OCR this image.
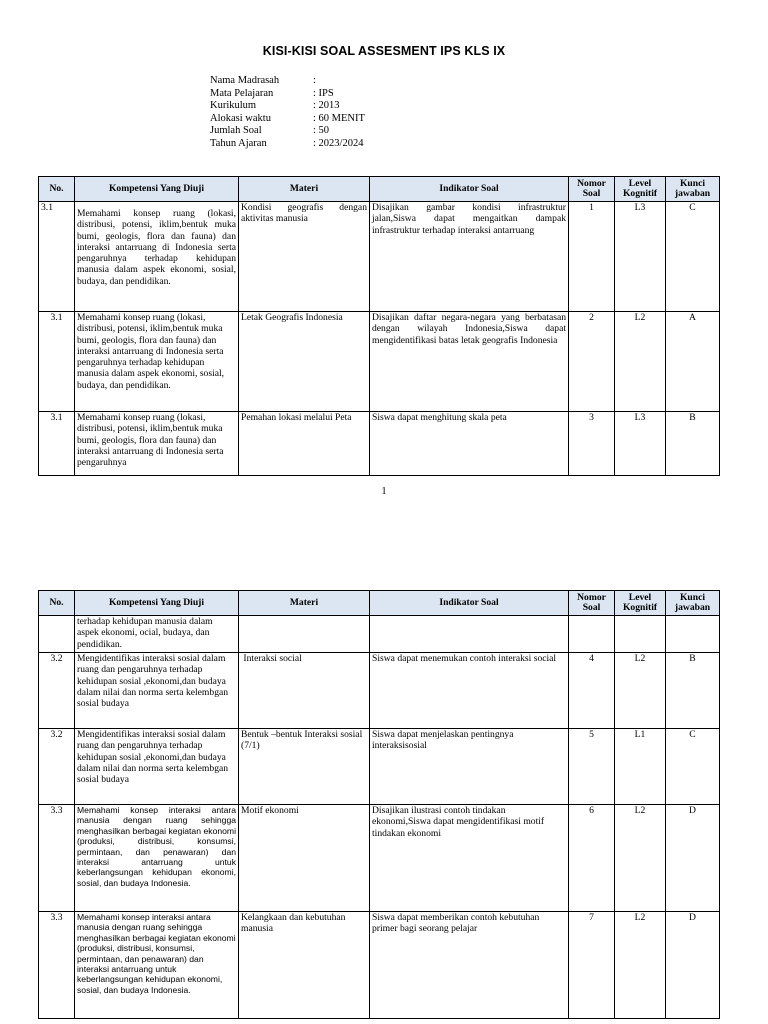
KISI-KISI SOAL ASSESMENT IPS KLS IX
Nama Madrasah	:
Mata Pelajaran	: IPS
Kurikulum	: 2013
Alokasi waktu	: 60 MENIT
Jumlah Soal	: 50
Tahun Ajaran	: 2023/2024
No.	Kompetensi Yang Diuji	Materi	Indikator Soal	Nomor Soal	Level Kognitif	Kunci jawaban
3.1	Memahami konsep ruang (lokasi, distribusi, potensi, iklim,bentuk muka bumi, geologis, flora dan fauna) dan interaksi antarruang di Indonesia serta pengaruhnya terhadap kehidupan manusia dalam aspek ekonomi, sosial, budaya, dan pendidikan.	Kondisi geografis dengan aktivitas manusia	Disajikan gambar kondisi infrastruktur jalan,Siswa dapat mengaitkan dampak infrastruktur terhadap interaksi antarruang	1	L3	C
3.1	Memahami konsep ruang (lokasi, distribusi, potensi, iklim,bentuk muka bumi, geologis, flora dan fauna) dan interaksi antarruang di Indonesia serta pengaruhnya terhadap kehidupan manusia dalam aspek ekonomi, sosial, budaya, dan pendidikan.	Letak Geografis Indonesia	Disajikan daftar negara-negara yang berbatasan dengan wilayah Indonesia,Siswa dapat mengidentifikasi batas letak geografis Indonesia	2	L2	A
3.1	Memahami konsep ruang (lokasi, distribusi, potensi, iklim,bentuk muka bumi, geologis, flora dan fauna) dan interaksi antarruang di Indonesia serta pengaruhnya	Pemahan lokasi melalui Peta	Siswa dapat menghitung skala peta	3	L3	B
1
No.	Kompetensi Yang Diuji	Materi	Indikator Soal	Nomor Soal	Level Kognitif	Kunci jawaban
	terhadap kehidupan manusia dalam aspek ekonomi, ocial, budaya, dan pendidikan.					
3.2	Mengidentifikas interaksi sosial dalam ruang dan pengaruhnya terhadap kehidupan sosial ,ekonomi,dan budaya dalam nilai dan norma serta kelembgan sosial budaya	Interaksi social	Siswa dapat menemukan contoh interaksi social	4	L2	B
3.2	Mengidentifikas interaksi sosial dalam ruang dan pengaruhnya terhadap kehidupan sosial ,ekonomi,dan budaya dalam nilai dan norma serta kelembgan sosial budaya	Bentuk –bentuk Interaksi sosial (7/1)	Siswa dapat menjelaskan pentingnya interaksisosial	5	L1	C
3.3	Memahami konsep interaksi antara manusia dengan ruang sehingga menghasilkan berbagai kegiatan ekonomi (produksi, distribusi, konsumsi, permintaan, dan penawaran) dan interaksi antarruang untuk keberlangsungan kehidupan ekonomi, sosial, dan budaya Indonesia.	Motif ekonomi	Disajikan ilustrasi contoh tindakan ekonomi,Siswa dapat mengidentifikasi motif tindakan ekonomi	6	L2	D
3.3	Memahami konsep interaksi antara manusia dengan ruang sehingga menghasilkan berbagai kegiatan ekonomi (produksi, distribusi, konsumsi, permintaan, dan penawaran) dan interaksi antarruang untuk keberlangsungan kehidupan ekonomi, sosial, dan budaya Indonesia.	Kelangkaan dan kebutuhan manusia	Siswa dapat memberikan contoh kebutuhan primer bagi seorang pelajar	7	L2	D
